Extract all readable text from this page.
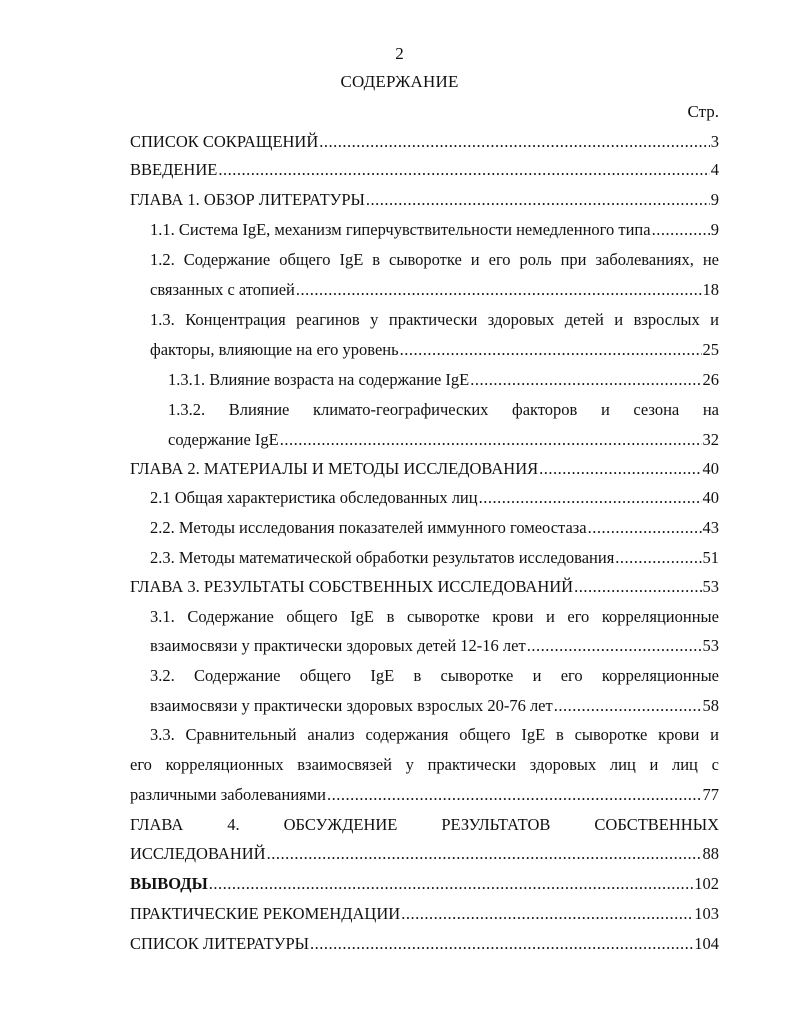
2
СОДЕРЖАНИЕ
Стр.
СПИСОК СОКРАЩЕНИЙ .....	3
ВВЕДЕНИЕ .....	4
ГЛАВА 1. ОБЗОР ЛИТЕРАТУРЫ .....	9
1.1. Система IgE, механизм гиперчувствительности немедленного типа .....	9
1.2. Содержание общего IgE в сыворотке и его роль при заболеваниях, не
связанных с атопией .....	18
1.3. Концентрация реагинов у практически здоровых детей и взрослых и
факторы, влияющие на его уровень .....	25
1.3.1. Влияние возраста на содержание IgE .....	26
1.3.2. Влияние климато-географических факторов и сезона на
содержание IgE .....	32
ГЛАВА 2. МАТЕРИАЛЫ И МЕТОДЫ ИССЛЕДОВАНИЯ .....	40
2.1 Общая характеристика обследованных лиц .....	40
2.2. Методы исследования показателей иммунного гомеостаза .....	43
2.3. Методы математической обработки результатов исследования .....	51
ГЛАВА 3. РЕЗУЛЬТАТЫ СОБСТВЕННЫХ ИССЛЕДОВАНИЙ .....	53
3.1. Содержание общего IgE в сыворотке крови и его корреляционные
взаимосвязи у практически здоровых детей 12-16 лет .....	53
3.2. Содержание общего IgE в сыворотке и его корреляционные
взаимосвязи у практически здоровых взрослых 20-76 лет .....	58
3.3. Сравнительный анализ содержания общего IgE в сыворотке крови и
его корреляционных взаимосвязей у практически здоровых лиц и лиц с
различными заболеваниями .....	77
ГЛАВА	4.	ОБСУЖДЕНИЕ	РЕЗУЛЬТАТОВ	СОБСТВЕННЫХ
ИССЛЕДОВАНИЙ .....	88
ВЫВОДЫ .....	102
ПРАКТИЧЕСКИЕ РЕКОМЕНДАЦИИ .....	103
СПИСОК ЛИТЕРАТУРЫ .....	104
